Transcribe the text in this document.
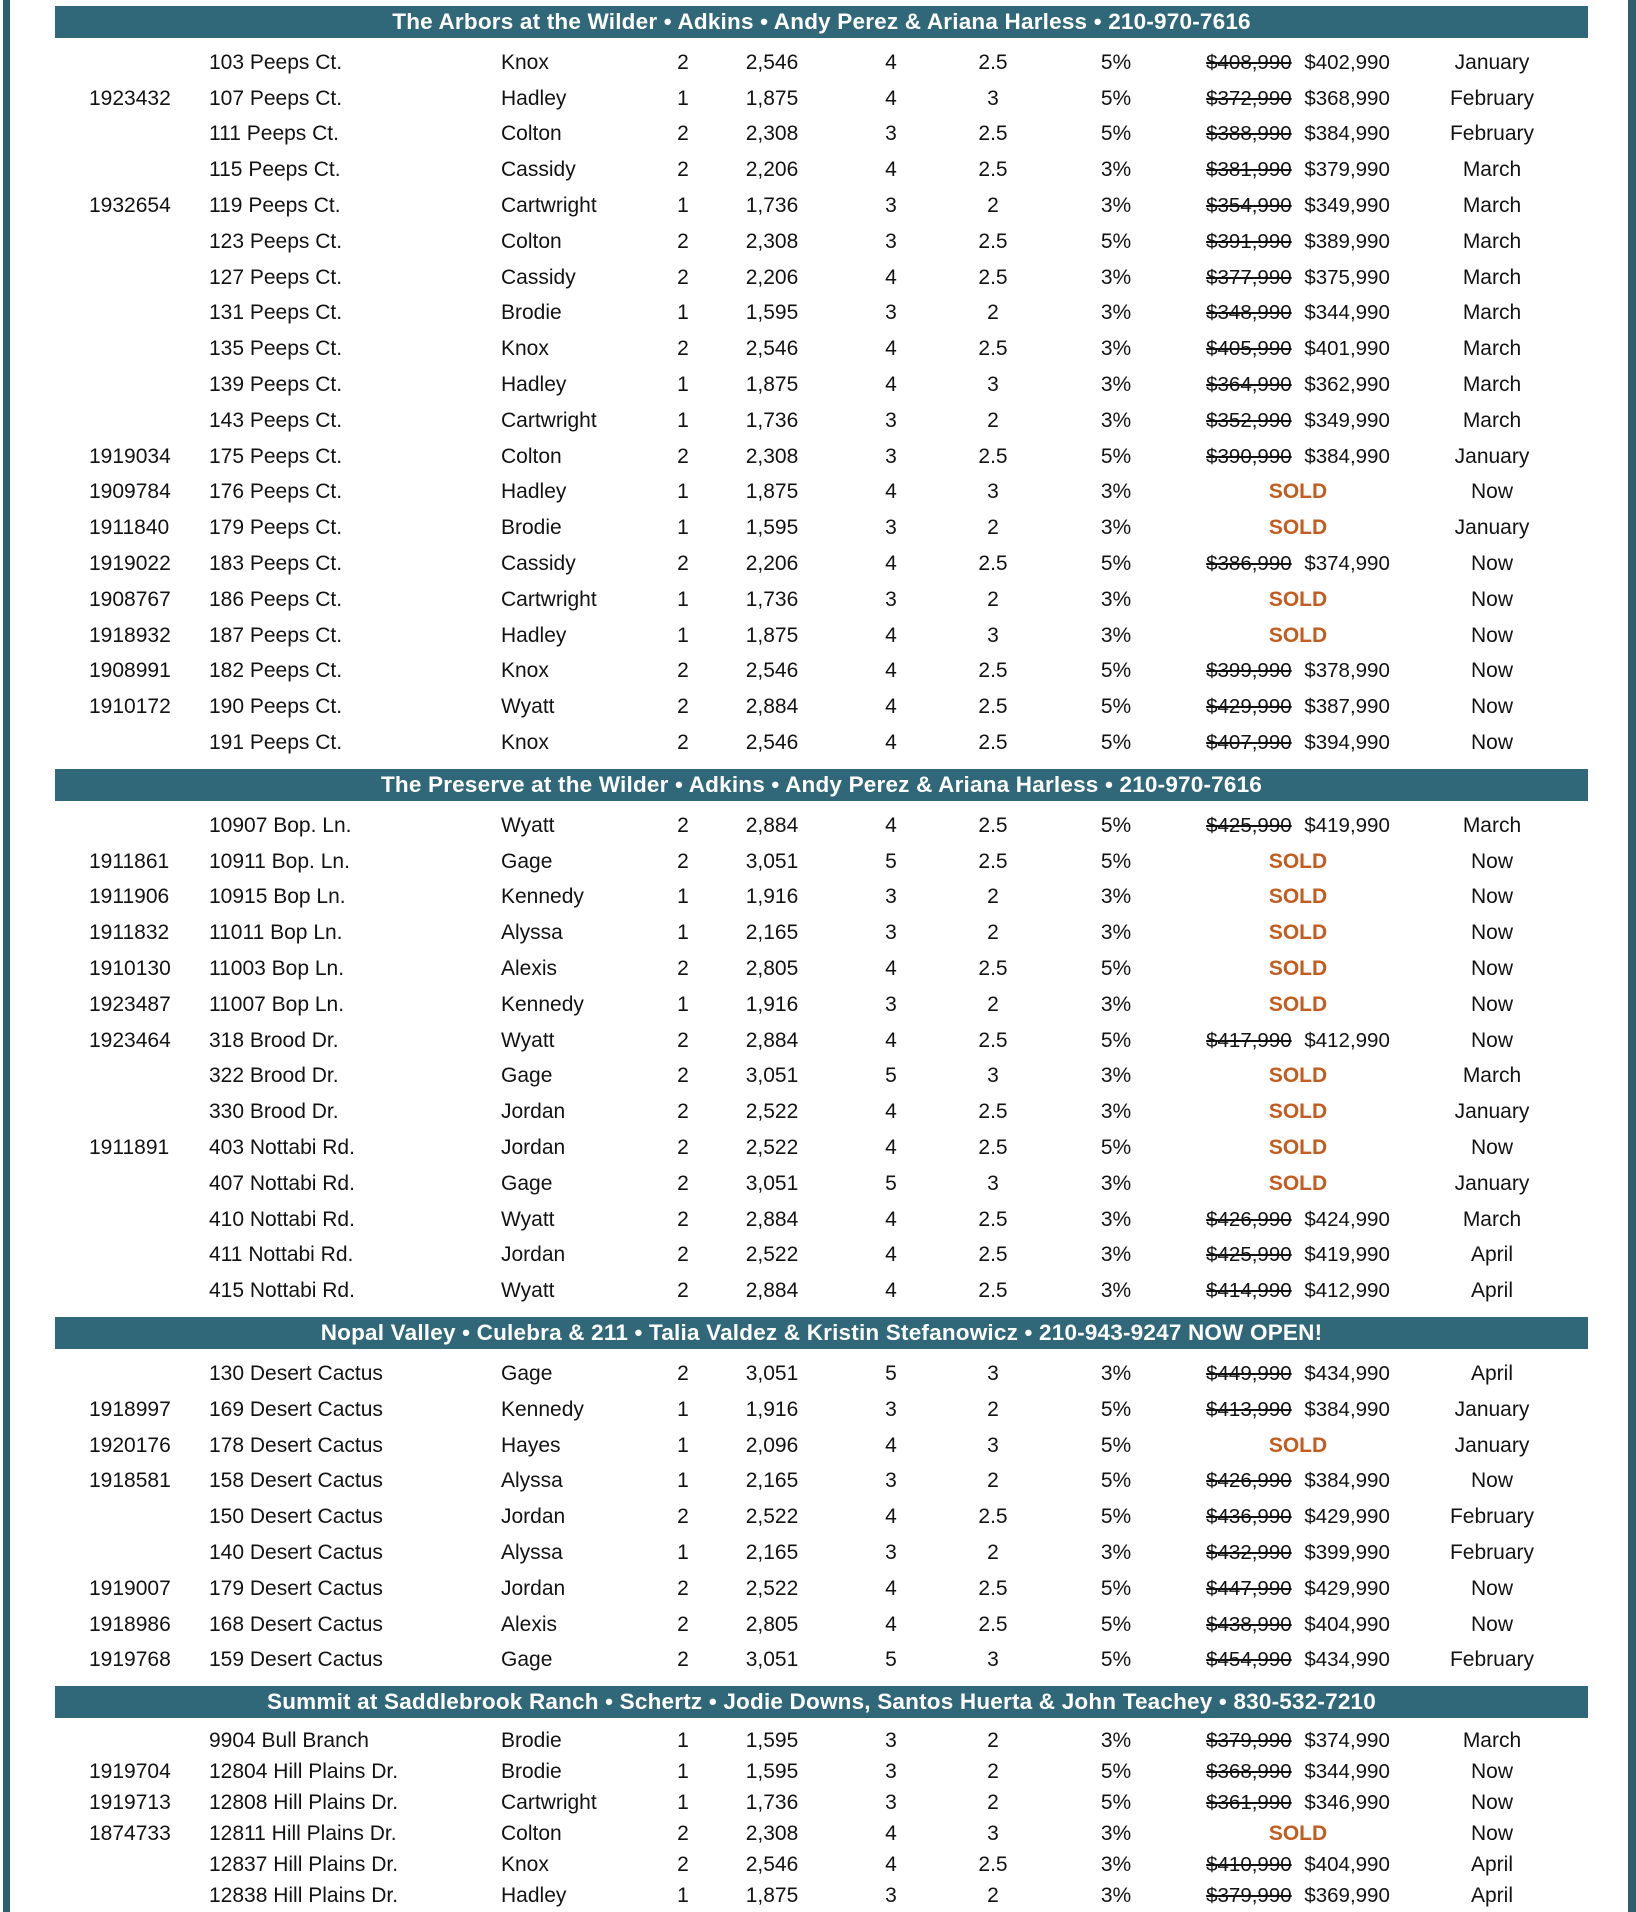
The Arbors at the Wilder • Adkins • Andy Perez & Ariana Harless • 210-970-7616
103 Peeps Ct.	Knox	2	2,546	4	2.5	5%	$408,990 $402,990	January
1923432	107 Peeps Ct.	Hadley	1	1,875	4	3	5%	$372,990 $368,990	February
111 Peeps Ct.	Colton	2	2,308	3	2.5	5%	$388,990 $384,990	February
115 Peeps Ct.	Cassidy	2	2,206	4	2.5	3%	$381,990 $379,990	March
1932654	119 Peeps Ct.	Cartwright	1	1,736	3	2	3%	$354,990 $349,990	March
123 Peeps Ct.	Colton	2	2,308	3	2.5	5%	$391,990 $389,990	March
127 Peeps Ct.	Cassidy	2	2,206	4	2.5	3%	$377,990 $375,990	March
131 Peeps Ct.	Brodie	1	1,595	3	2	3%	$348,990 $344,990	March
135 Peeps Ct.	Knox	2	2,546	4	2.5	3%	$405,990 $401,990	March
139 Peeps Ct.	Hadley	1	1,875	4	3	3%	$364,990 $362,990	March
143 Peeps Ct.	Cartwright	1	1,736	3	2	3%	$352,990 $349,990	March
1919034	175 Peeps Ct.	Colton	2	2,308	3	2.5	5%	$390,990 $384,990	January
1909784	176 Peeps Ct.	Hadley	1	1,875	4	3	3%	SOLD	Now
1911840	179 Peeps Ct.	Brodie	1	1,595	3	2	3%	SOLD	January
1919022	183 Peeps Ct.	Cassidy	2	2,206	4	2.5	5%	$386,990 $374,990	Now
1908767	186 Peeps Ct.	Cartwright	1	1,736	3	2	3%	SOLD	Now
1918932	187 Peeps Ct.	Hadley	1	1,875	4	3	3%	SOLD	Now
1908991	182 Peeps Ct.	Knox	2	2,546	4	2.5	5%	$399,990 $378,990	Now
1910172	190 Peeps Ct.	Wyatt	2	2,884	4	2.5	5%	$429,990 $387,990	Now
191 Peeps Ct.	Knox	2	2,546	4	2.5	5%	$407,990 $394,990	Now
The Preserve at the Wilder • Adkins • Andy Perez & Ariana Harless • 210-970-7616
10907 Bop. Ln.	Wyatt	2	2,884	4	2.5	5%	$425,990 $419,990	March
1911861	10911 Bop. Ln.	Gage	2	3,051	5	2.5	5%	SOLD	Now
1911906	10915 Bop Ln.	Kennedy	1	1,916	3	2	3%	SOLD	Now
1911832	11011 Bop Ln.	Alyssa	1	2,165	3	2	3%	SOLD	Now
1910130	11003 Bop Ln.	Alexis	2	2,805	4	2.5	5%	SOLD	Now
1923487	11007 Bop Ln.	Kennedy	1	1,916	3	2	3%	SOLD	Now
1923464	318 Brood Dr.	Wyatt	2	2,884	4	2.5	5%	$417,990 $412,990	Now
322 Brood Dr.	Gage	2	3,051	5	3	3%	SOLD	March
330 Brood Dr.	Jordan	2	2,522	4	2.5	3%	SOLD	January
1911891	403 Nottabi Rd.	Jordan	2	2,522	4	2.5	5%	SOLD	Now
407 Nottabi Rd.	Gage	2	3,051	5	3	3%	SOLD	January
410 Nottabi Rd.	Wyatt	2	2,884	4	2.5	3%	$426,990 $424,990	March
411 Nottabi Rd.	Jordan	2	2,522	4	2.5	3%	$425,990 $419,990	April
415 Nottabi Rd.	Wyatt	2	2,884	4	2.5	3%	$414,990 $412,990	April
Nopal Valley • Culebra & 211 • Talia Valdez & Kristin Stefanowicz • 210-943-9247 NOW OPEN!
130 Desert Cactus	Gage	2	3,051	5	3	3%	$449,990 $434,990	April
1918997	169 Desert Cactus	Kennedy	1	1,916	3	2	5%	$413,990 $384,990	January
1920176	178 Desert Cactus	Hayes	1	2,096	4	3	5%	SOLD	January
1918581	158 Desert Cactus	Alyssa	1	2,165	3	2	5%	$426,990 $384,990	Now
150 Desert Cactus	Jordan	2	2,522	4	2.5	5%	$436,990 $429,990	February
140 Desert Cactus	Alyssa	1	2,165	3	2	3%	$432,990 $399,990	February
1919007	179 Desert Cactus	Jordan	2	2,522	4	2.5	5%	$447,990 $429,990	Now
1918986	168 Desert Cactus	Alexis	2	2,805	4	2.5	5%	$438,990 $404,990	Now
1919768	159 Desert Cactus	Gage	2	3,051	5	3	5%	$454,990 $434,990	February
Summit at Saddlebrook Ranch • Schertz • Jodie Downs, Santos Huerta & John Teachey • 830-532-7210
9904 Bull Branch	Brodie	1	1,595	3	2	3%	$379,990 $374,990	March
1919704	12804 Hill Plains Dr.	Brodie	1	1,595	3	2	5%	$368,990 $344,990	Now
1919713	12808 Hill Plains Dr.	Cartwright	1	1,736	3	2	5%	$361,990 $346,990	Now
1874733	12811 Hill Plains Dr.	Colton	2	2,308	4	3	3%	SOLD	Now
12837 Hill Plains Dr.	Knox	2	2,546	4	2.5	3%	$410,990 $404,990	April
12838 Hill Plains Dr.	Hadley	1	1,875	3	2	3%	$379,990 $369,990	April
